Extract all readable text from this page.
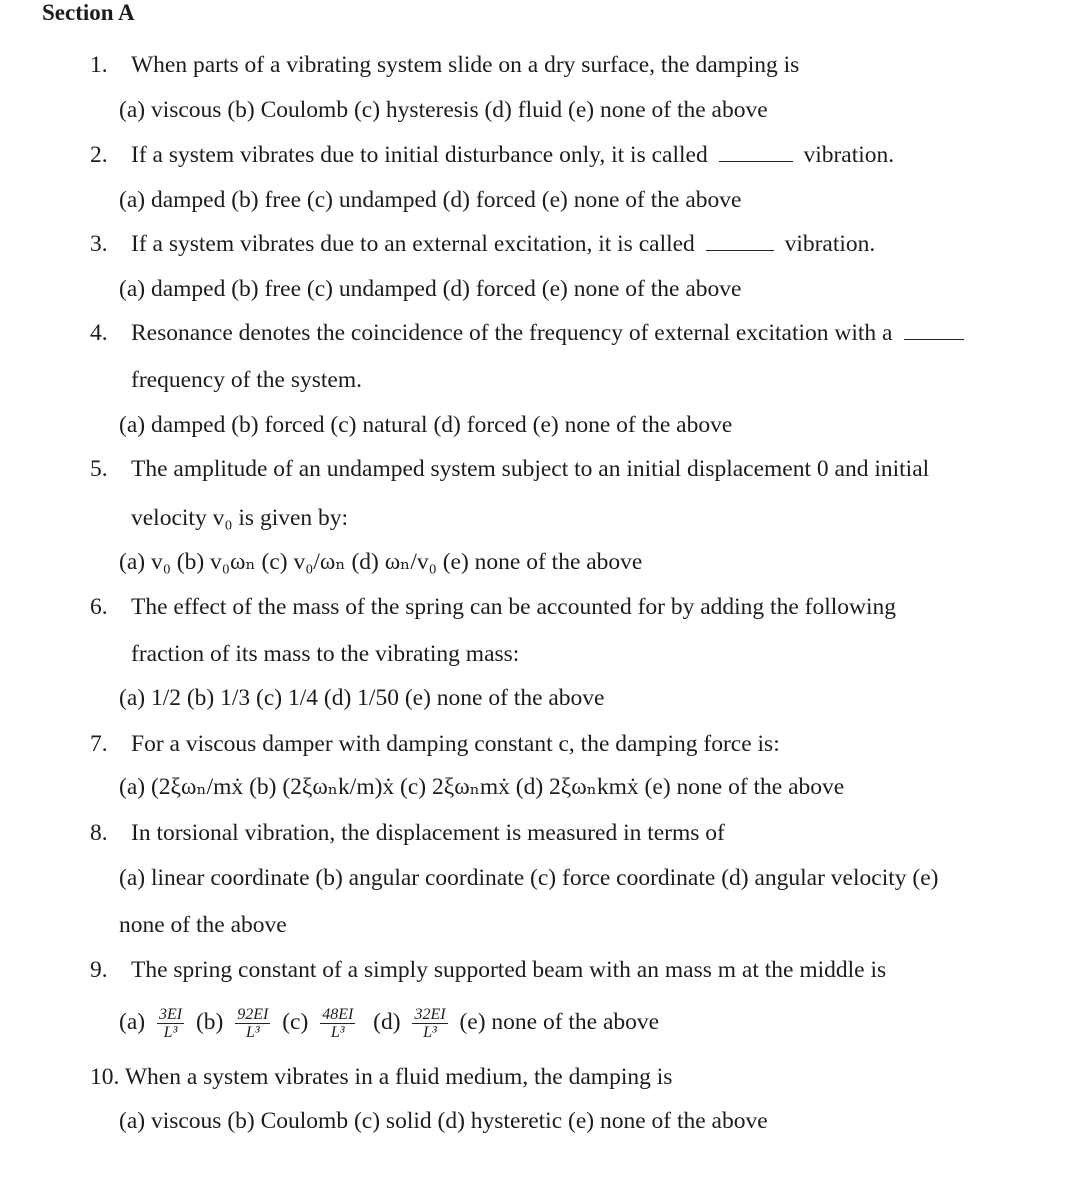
Section A
1. When parts of a vibrating system slide on a dry surface, the damping is
(a) viscous (b) Coulomb (c) hysteresis (d) fluid (e) none of the above
2. If a system vibrates due to initial disturbance only, it is called	vibration.
(a) damped (b) free (c) undamped (d) forced (e) none of the above
3. If a system vibrates due to an external excitation, it is called	vibration.
(a) damped (b) free (c) undamped (d) forced (e) none of the above
4. Resonance denotes the coincidence of the frequency of external excitation with a
frequency of the system.
(a) damped (b) forced (c) natural (d) forced (e) none of the above
5. The amplitude of an undamped system subject to an initial displacement 0 and initial
velocity v₀ is given by:
(a) v₀ (b) v₀ωₙ (c) v₀/ωₙ (d) ωₙ/v₀ (e) none of the above
6. The effect of the mass of the spring can be accounted for by adding the following
fraction of its mass to the vibrating mass:
(a) 1/2 (b) 1/3 (c) 1/4 (d) 1/50 (e) none of the above
7. For a viscous damper with damping constant c, the damping force is:
(a) (2ξωₙ/mẋ (b) (2ξωₙk/m)ẋ (c) 2ξωₙmẋ (d) 2ξωₙkmẋ (e) none of the above
8. In torsional vibration, the displacement is measured in terms of
(a) linear coordinate (b) angular coordinate (c) force coordinate (d) angular velocity (e)
none of the above
9. The spring constant of a simply supported beam with an mass m at the middle is
$(a) \frac{3EI}{\text{L³}} (b) \frac{92EI}{\text{L³}} (c) \frac{48EI}{\text{L³}} (d) \frac{32EI}{\text{L³}} (e)$ none of the above
10. When a system vibrates in a fluid medium, the damping is
(a) viscous (b) Coulomb (c) solid (d) hysteretic (e) none of the above
